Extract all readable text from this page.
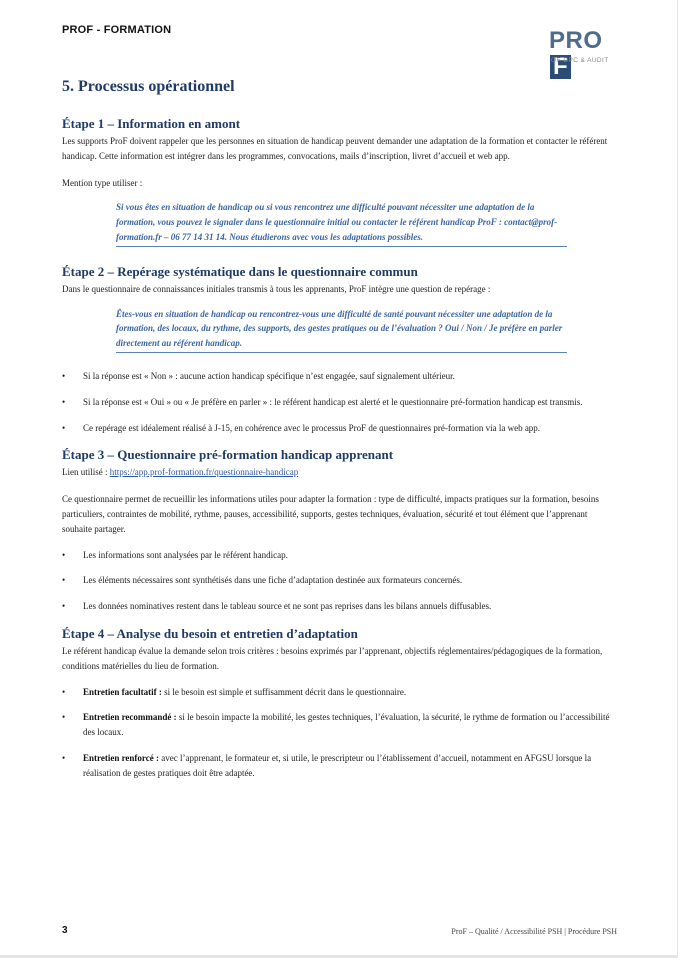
PROF - FORMATION	PROF
OF-DPC & AUDIT
5. Processus opérationnel
Étape 1 – Information en amont

Les supports ProF doivent rappeler que les personnes en situation de handicap peuvent demander une adaptation de la formation et contacter le référent handicap. Cette information est intégrer dans les programmes, convocations, mails d’inscription, livret d’accueil et web app.

Mention type utiliser :

Si vous êtes en situation de handicap ou si vous rencontrez une difficulté pouvant nécessiter une adaptation de la formation, vous pouvez le signaler dans le questionnaire initial ou contacter le référent handicap ProF : contact@prof-formation.fr – 06 77 14 31 14. Nous étudierons avec vous les adaptations possibles.
Étape 2 – Repérage systématique dans le questionnaire commun

Dans le questionnaire de connaissances initiales transmis à tous les apprenants, ProF intègre une question de repérage :

Êtes-vous en situation de handicap ou rencontrez-vous une difficulté de santé pouvant nécessiter une adaptation de la formation, des locaux, du rythme, des supports, des gestes pratiques ou de l’évaluation ? Oui / Non / Je préfère en parler directement au référent handicap.
• Si la réponse est « Non » : aucune action handicap spécifique n’est engagée, sauf signalement ultérieur.
• Si la réponse est « Oui » ou « Je préfère en parler » : le référent handicap est alerté et le questionnaire pré-formation handicap est transmis.
• Ce repérage est idéalement réalisé à J-15, en cohérence avec le processus ProF de questionnaires pré-formation via la web app.
Étape 3 – Questionnaire pré-formation handicap apprenant

Lien utilisé : https://app.prof-formation.fr/questionnaire-handicap

Ce questionnaire permet de recueillir les informations utiles pour adapter la formation : type de difficulté, impacts pratiques sur la formation, besoins particuliers, contraintes de mobilité, rythme, pauses, accessibilité, supports, gestes techniques, évaluation, sécurité et tout élément que l’apprenant souhaite partager.

• Les informations sont analysées par le référent handicap.
• Les éléments nécessaires sont synthétisés dans une fiche d’adaptation destinée aux formateurs concernés.
• Les données nominatives restent dans le tableau source et ne sont pas reprises dans les bilans annuels diffusables.
Étape 4 – Analyse du besoin et entretien d’adaptation

Le référent handicap évalue la demande selon trois critères : besoins exprimés par l’apprenant, objectifs réglementaires/pédagogiques de la formation, conditions matérielles du lieu de formation.

• Entretien facultatif : si le besoin est simple et suffisamment décrit dans le questionnaire.
• Entretien recommandé : si le besoin impacte la mobilité, les gestes techniques, l’évaluation, la sécurité, le rythme de formation ou l’accessibilité des locaux.
• Entretien renforcé : avec l’apprenant, le formateur et, si utile, le prescripteur ou l’établissement d’accueil, notamment en AFGSU lorsque la réalisation de gestes pratiques doit être adaptée.
3	ProF – Qualité / Accessibilité PSH | Procédure PSH
